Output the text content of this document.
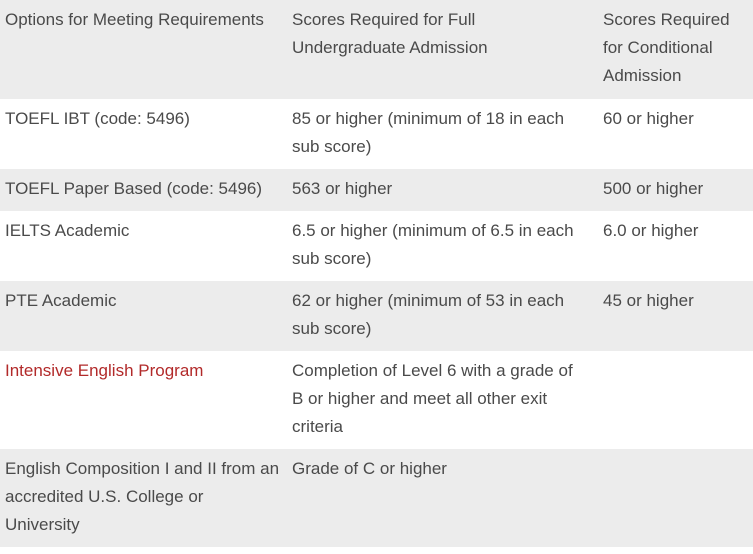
Options for Meeting Requirements	Scores Required for Full Undergraduate Admission	Scores Required for Conditional Admission
TOEFL IBT (code: 5496)	85 or higher (minimum of 18 in each sub score)	60 or higher
TOEFL Paper Based (code: 5496)	563 or higher	500 or higher
IELTS Academic	6.5 or higher (minimum of 6.5 in each sub score)	6.0 or higher
PTE Academic	62 or higher (minimum of 53 in each sub score)	45 or higher
Intensive English Program	Completion of Level 6 with a grade of B or higher and meet all other exit criteria	
English Composition I and II from an accredited U.S. College or University	Grade of C or higher	
